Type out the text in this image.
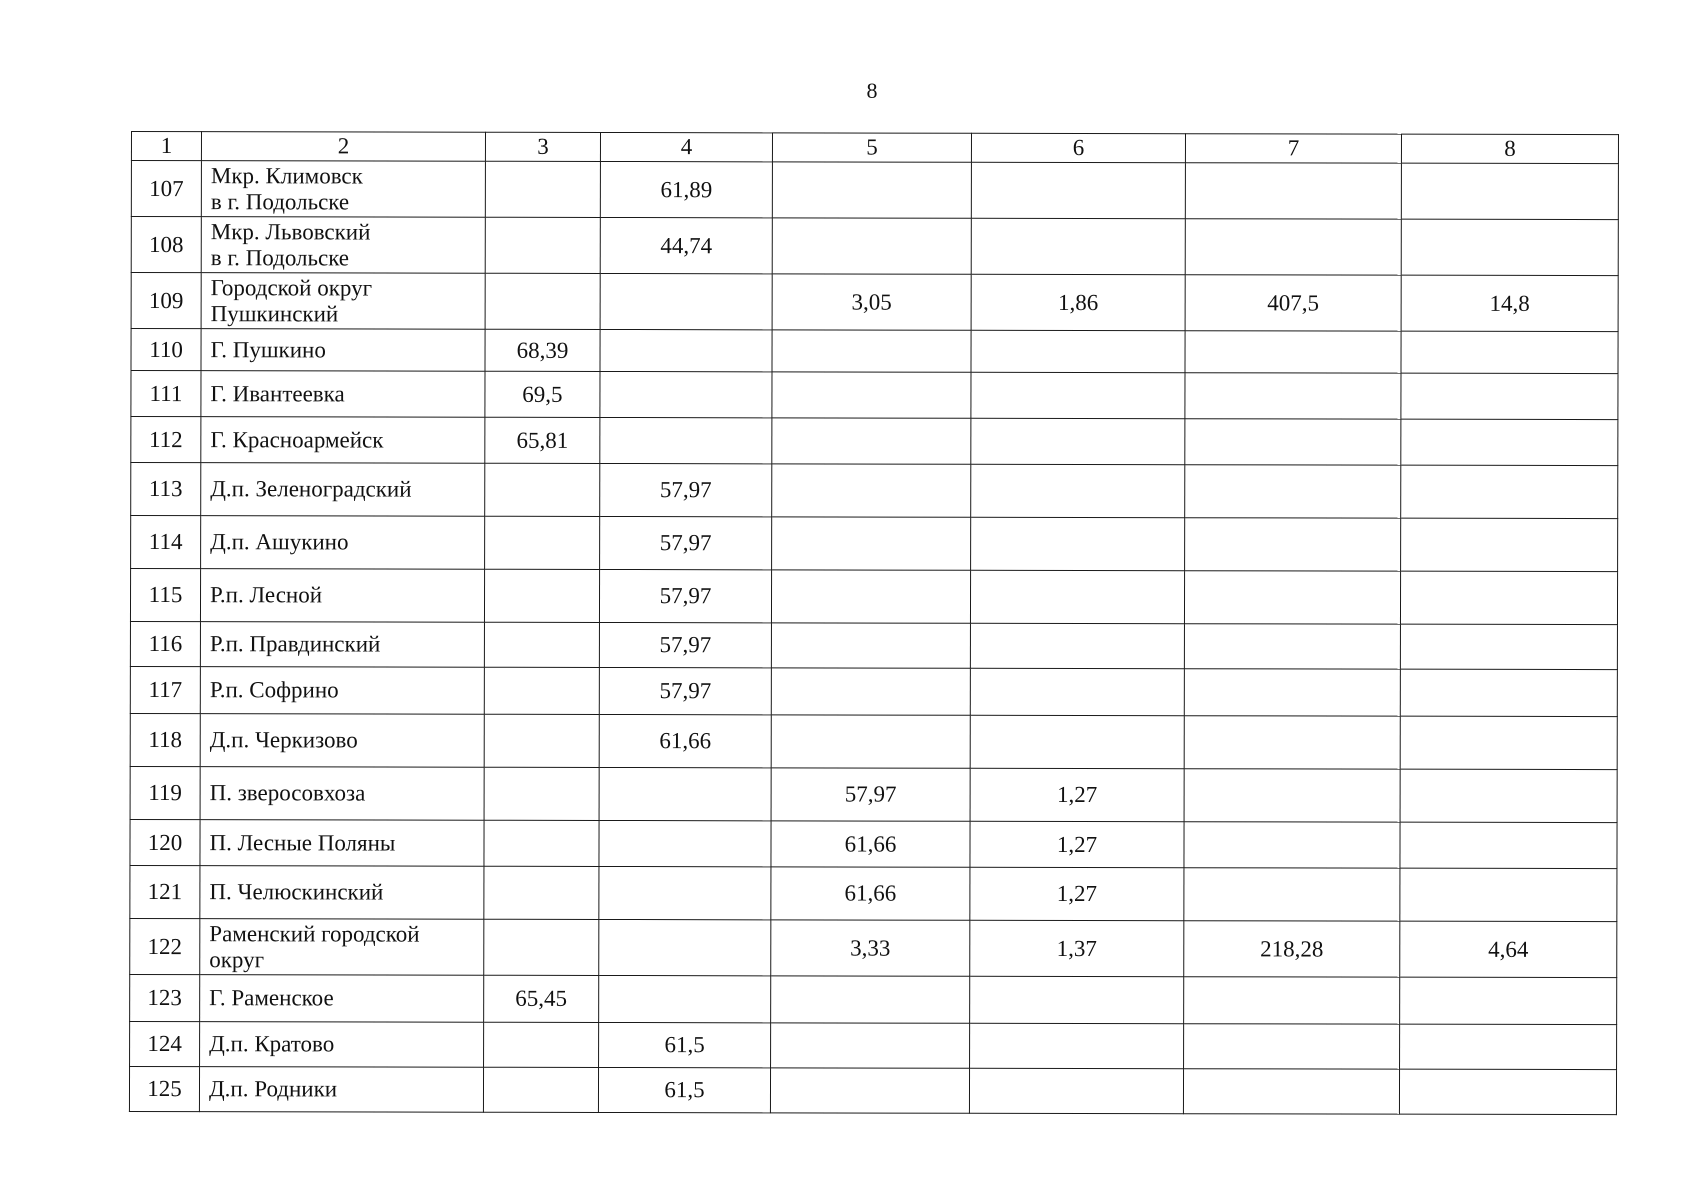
8
1	2	3	4	5	6	7	8
107	Мкр. Климовск
в г. Подольске		61,89				
108	Мкр. Львовский
в г. Подольске		44,74				
109	Городской округ
Пушкинский			3,05	1,86	407,5	14,8
110	Г. Пушкино	68,39					
111	Г. Ивантеевка	69,5					
112	Г. Красноармейск	65,81					
113	Д.п. Зеленоградский		57,97				
114	Д.п. Ашукино		57,97				
115	Р.п. Лесной		57,97				
116	Р.п. Правдинский		57,97				
117	Р.п. Софрино		57,97				
118	Д.п. Черкизово		61,66				
119	П. зверосовхоза			57,97	1,27		
120	П. Лесные Поляны			61,66	1,27		
121	П. Челюскинский			61,66	1,27		
122	Раменский городской
округ			3,33	1,37	218,28	4,64
123	Г. Раменское	65,45					
124	Д.п. Кратово		61,5				
125	Д.п. Родники		61,5				
